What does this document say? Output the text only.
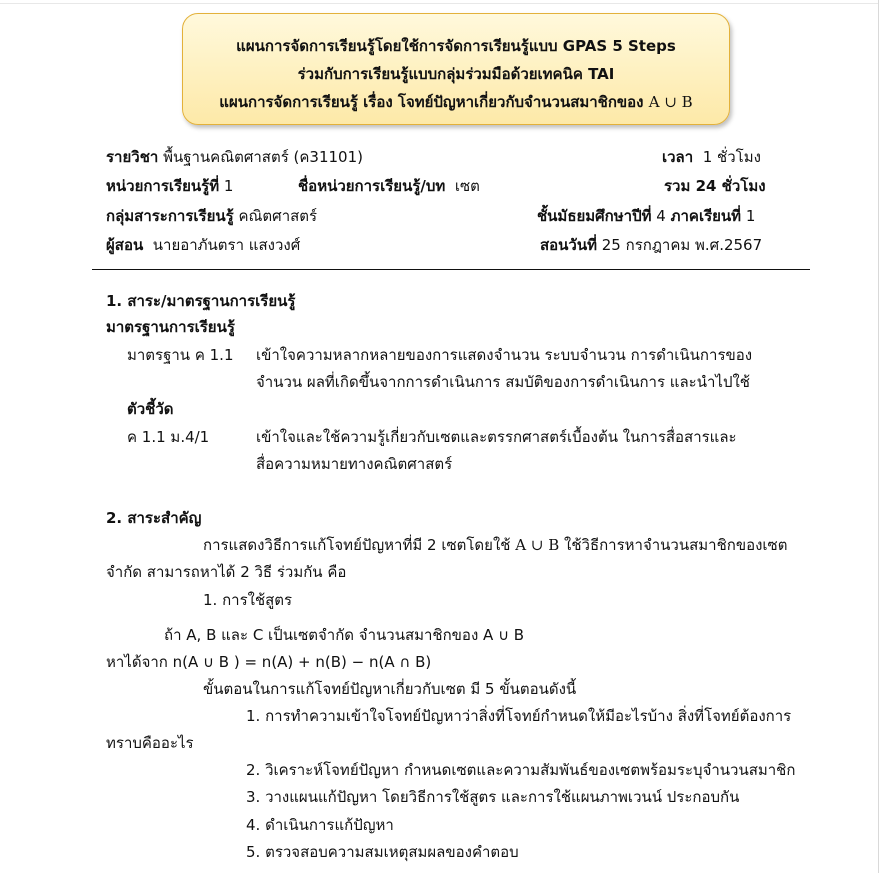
แผนการจัดการเรียนรู้โดยใช้การจัดการเรียนรู้แบบ GPAS 5 Steps
ร่วมกับการเรียนรู้แบบกลุ่มร่วมมือด้วยเทคนิค TAI
แผนการจัดการเรียนรู้ เรื่อง โจทย์ปัญหาเกี่ยวกับจำนวนสมาชิกของ A ∪ B
รายวิชา พื้นฐานคณิตศาสตร์ (ค31101)	เวลา 1 ชั่วโมง
หน่วยการเรียนรู้ที่ 1	ชื่อหน่วยการเรียนรู้/บท เซต	รวม 24 ชั่วโมง
กลุ่มสาระการเรียนรู้ คณิตศาสตร์	ชั้นมัธยมศึกษาปีที่ 4 ภาคเรียนที่ 1
ผู้สอน นายอาภันตรา แสงวงศ์	สอนวันที่ 25 กรกฎาคม พ.ศ.2567
1. สาระ/มาตรฐานการเรียนรู้
มาตรฐานการเรียนรู้
มาตรฐาน ค 1.1 เข้าใจความหลากหลายของการแสดงจำนวน ระบบจำนวน การดำเนินการของ
จำนวน ผลที่เกิดขึ้นจากการดำเนินการ สมบัติของการดำเนินการ และนำไปใช้
ตัวชี้วัด
ค 1.1 ม.4/1	เข้าใจและใช้ความรู้เกี่ยวกับเซตและตรรกศาสตร์เบื้องต้น ในการสื่อสารและ
สื่อความหมายทางคณิตศาสตร์
2. สาระสำคัญ
การแสดงวิธีการแก้โจทย์ปัญหาที่มี 2 เซตโดยใช้ A ∪ B ใช้วิธีการหาจำนวนสมาชิกของเซต
จำกัด สามารถหาได้ 2 วิธี ร่วมกัน คือ
1. การใช้สูตร
ถ้า A, B และ C เป็นเซตจำกัด จำนวนสมาชิกของ A ∪ B
หาได้จาก n(A ∪ B ) = n(A) + n(B) − n(A ∩ B)
ขั้นตอนในการแก้โจทย์ปัญหาเกี่ยวกับเซต มี 5 ขั้นตอนดังนี้
1. การทำความเข้าใจโจทย์ปัญหาว่าสิ่งที่โจทย์กำหนดให้มีอะไรบ้าง สิ่งที่โจทย์ต้องการ
ทราบคืออะไร
2. วิเคราะห์โจทย์ปัญหา กำหนดเซตและความสัมพันธ์ของเซตพร้อมระบุจำนวนสมาชิก
3. วางแผนแก้ปัญหา โดยวิธีการใช้สูตร และการใช้แผนภาพเวนน์ ประกอบกัน
4. ดำเนินการแก้ปัญหา
5. ตรวจสอบความสมเหตุสมผลของคำตอบ
